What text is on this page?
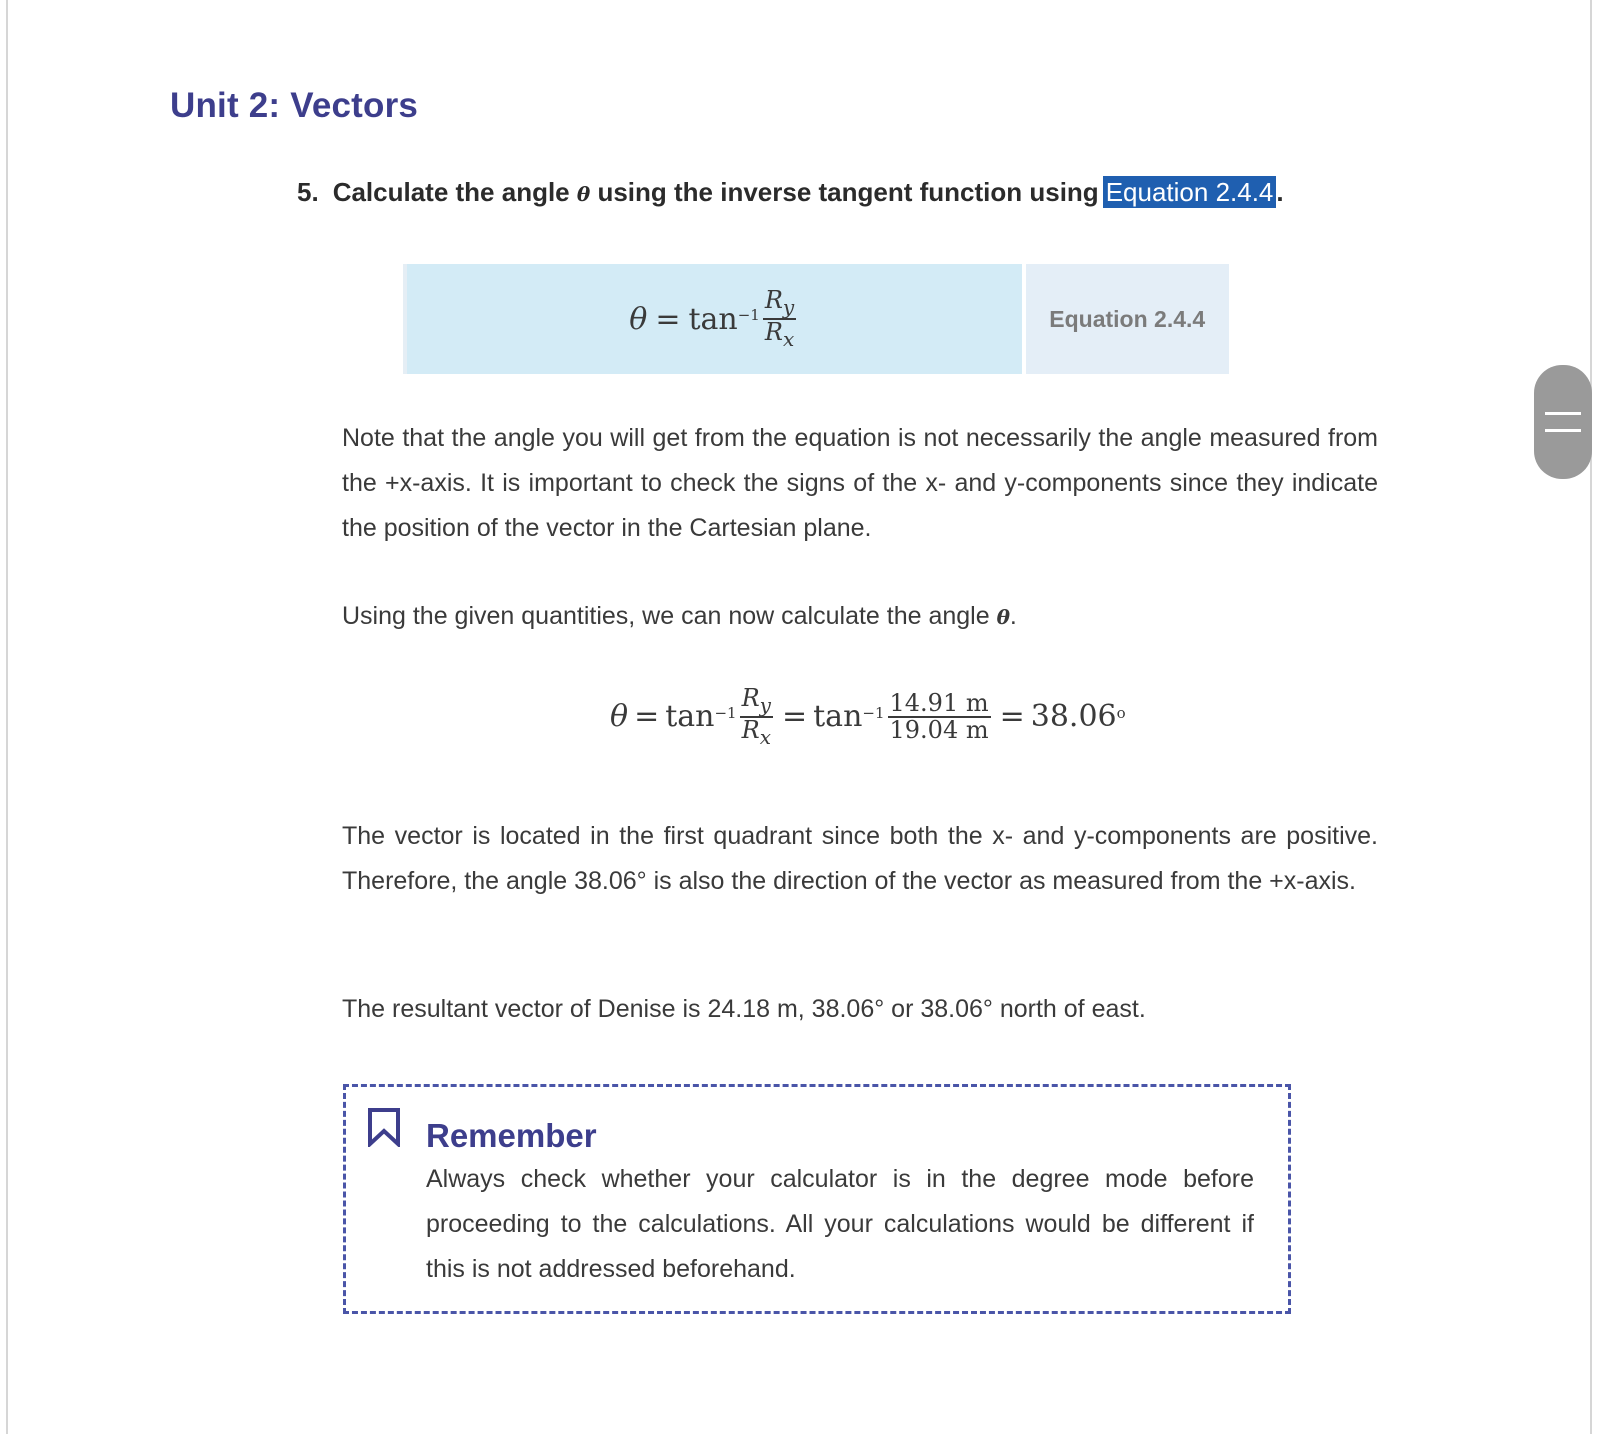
Unit 2: Vectors
5. Calculate the angle θ using the inverse tangent function using Equation 2.4.4 .
$\theta = \tan^{-1} \frac{R_y}{R_x}$	Equation 2.4.4
Note that the angle you will get from the equation is not necessarily the angle measured from the +x-axis. It is important to check the signs of the x- and y-components since they indicate the position of the vector in the Cartesian plane.
Using the given quantities, we can now calculate the angle θ.
$\theta = \tan^{-1} \frac{R_y}{R_x} = \tan^{-1} \frac{14.91 m}{19.04 m} = 38.06^o$
The vector is located in the first quadrant since both the x- and y-components are positive. Therefore, the angle 38.06° is also the direction of the vector as measured from the +x-axis.
The resultant vector of Denise is 24.18 m, 38.06° or 38.06° north of east.
Remember
Always check whether your calculator is in the degree mode before proceeding to the calculations. All your calculations would be different if this is not addressed beforehand.
